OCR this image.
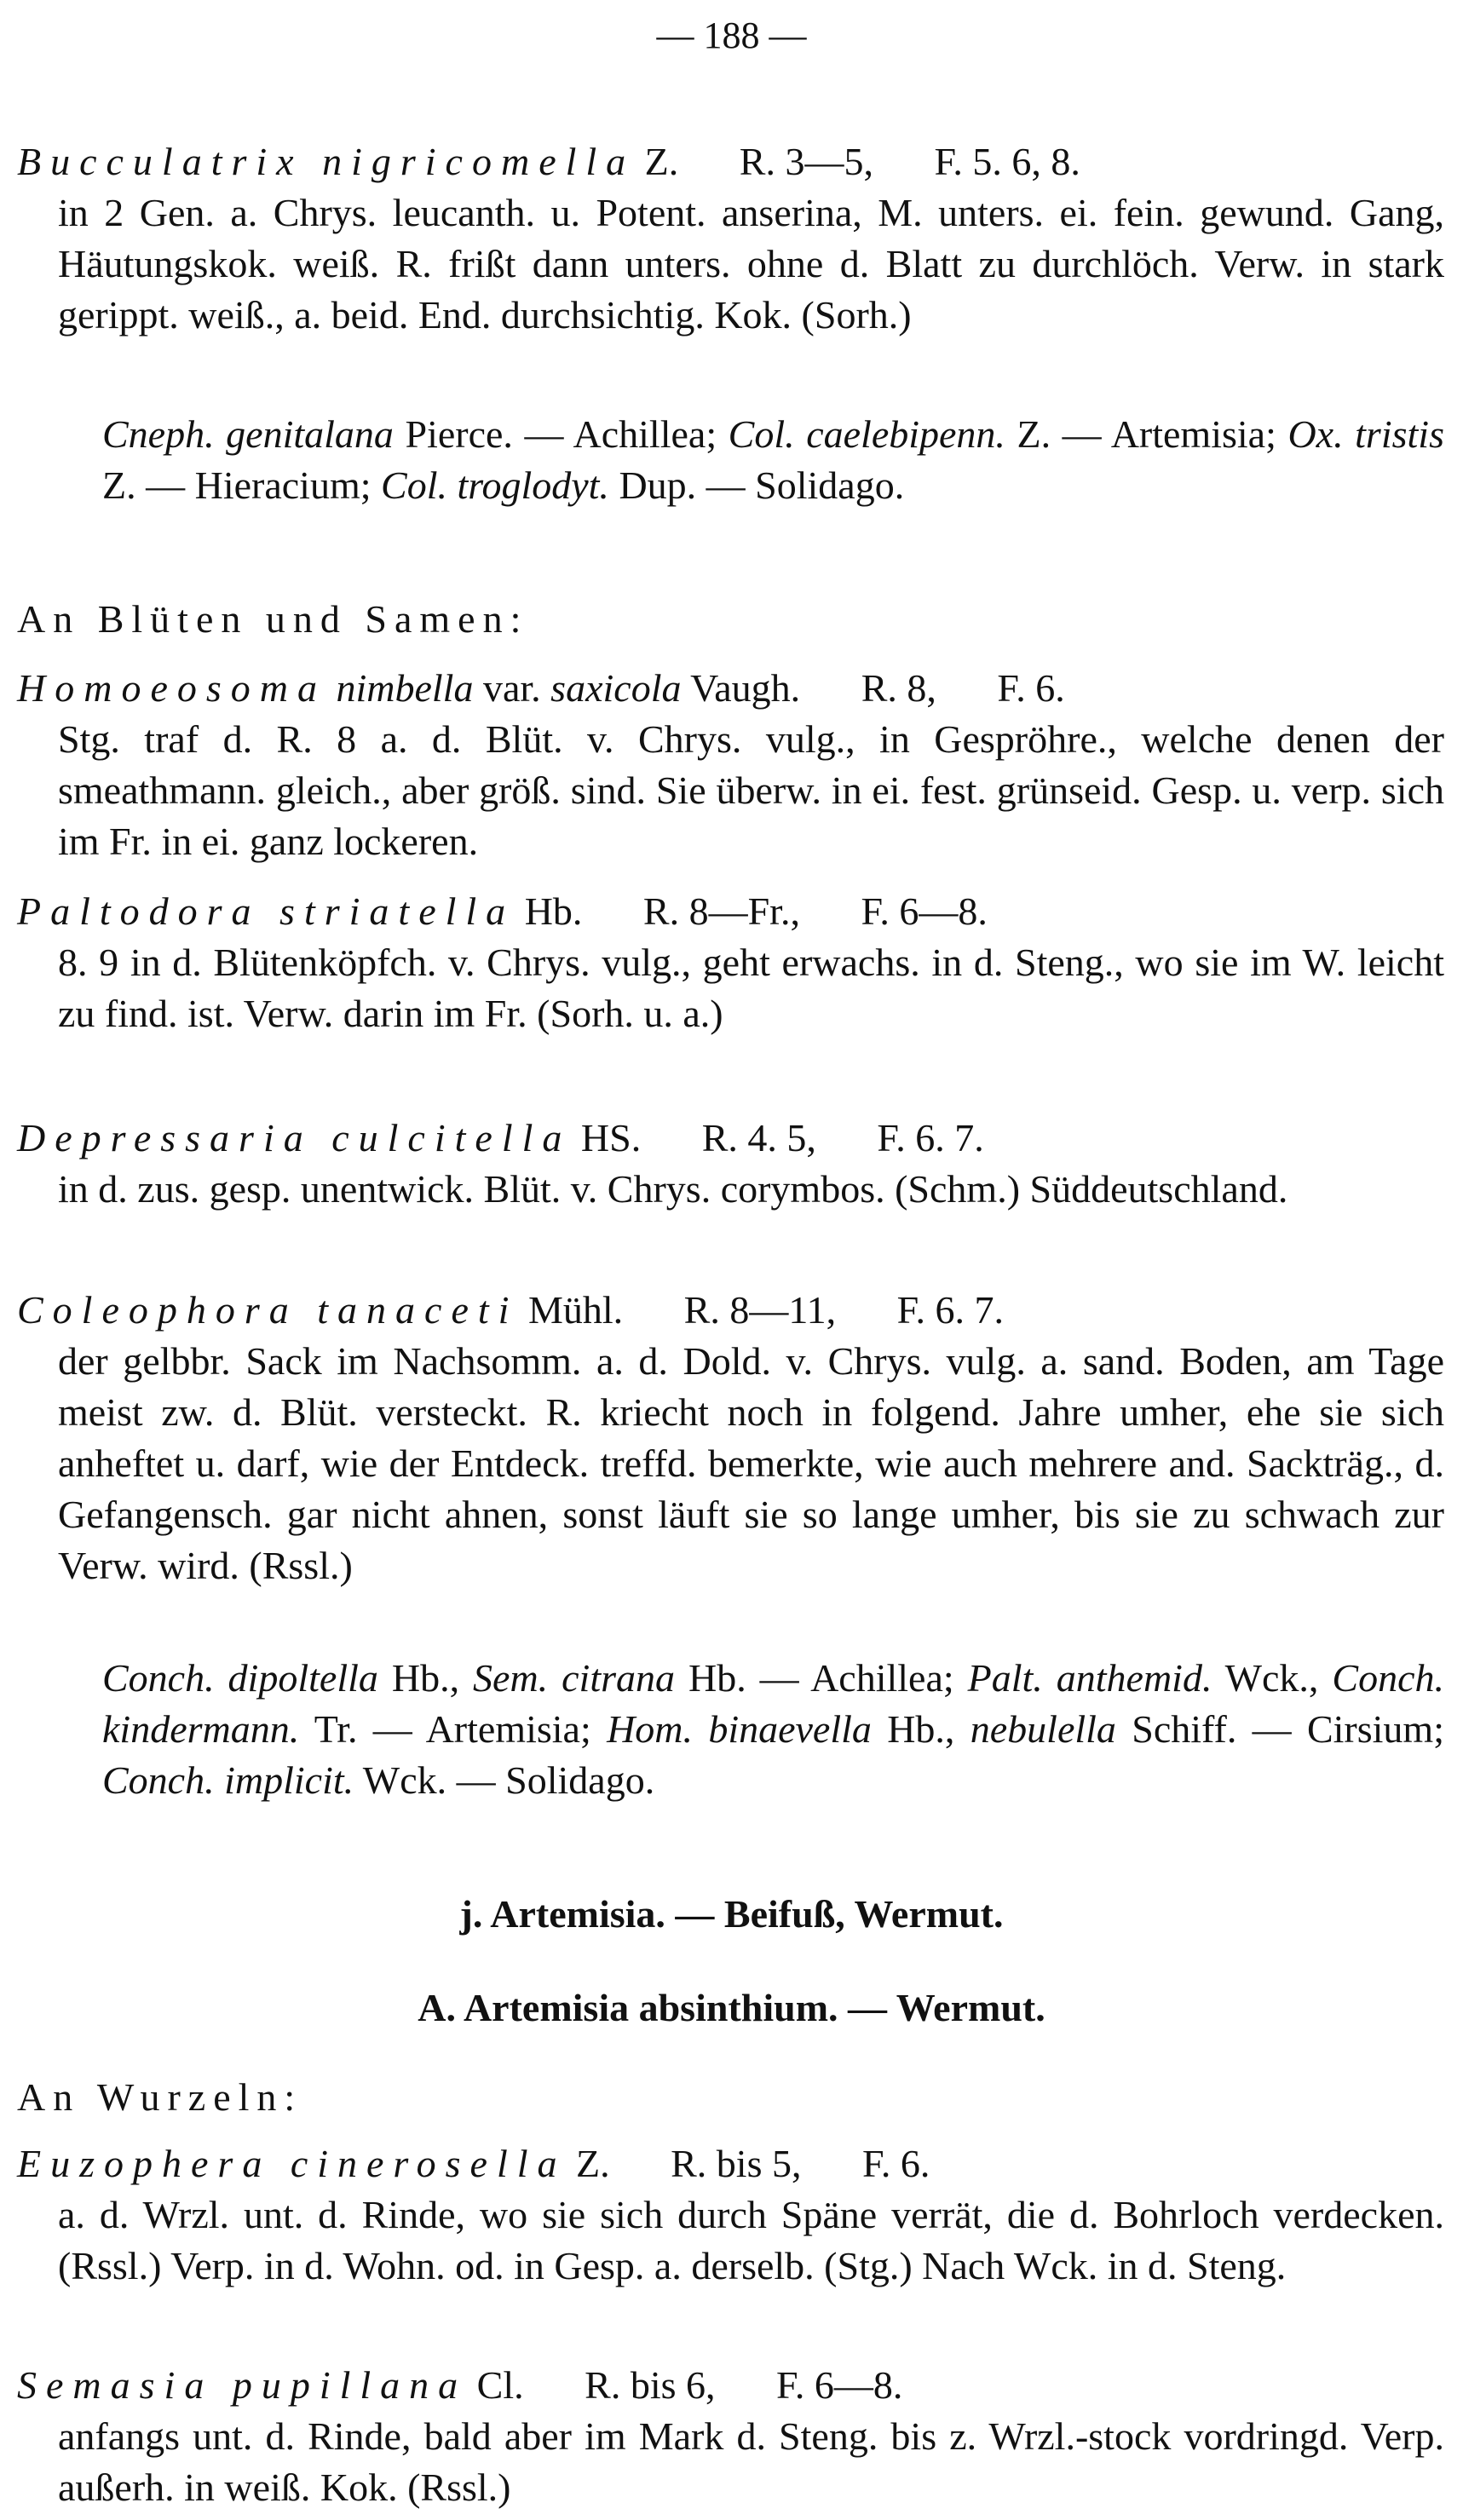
— 188 —
Bucculatrix nigricomella Z. R. 3—5, F. 5. 6, 8.

in 2 Gen. a. Chrys. leucanth. u. Potent. anserina, M. unters. ei. fein. gewund. Gang, Häutungskok. weiß. R. frißt dann unters. ohne d. Blatt zu durchlöch. Verw. in stark gerippt. weiß., a. beid. End. durchsichtig. Kok. (Sorh.)

Cneph. genitalana Pierce. — Achillea; Col. caelebipenn. Z. — Artemisia; Ox. tristis Z. — Hieracium; Col. troglodyt. Dup. — Solidago.
An Blüten und Samen:
Homoeosoma nimbella var. saxicola Vaugh. R. 8, F. 6.

Stg. traf d. R. 8 a. d. Blüt. v. Chrys. vulg., in Gespröhre., welche denen der smeathmann. gleich., aber größ. sind. Sie überw. in ei. fest. grünseid. Gesp. u. verp. sich im Fr. in ei. ganz lockeren.

Paltodora striatella Hb. R. 8—Fr., F. 6—8.

8. 9 in d. Blütenköpfch. v. Chrys. vulg., geht erwachs. in d. Steng., wo sie im W. leicht zu find. ist. Verw. darin im Fr. (Sorh. u. a.)

Depressaria culcitella HS. R. 4. 5, F. 6. 7.

in d. zus. gesp. unentwick. Blüt. v. Chrys. corymbos. (Schm.) Süddeutschland.

Coleophora tanaceti Mühl. R. 8—11, F. 6. 7.

der gelbbr. Sack im Nachsomm. a. d. Dold. v. Chrys. vulg. a. sand. Boden, am Tage meist zw. d. Blüt. versteckt. R. kriecht noch in folgend. Jahre umher, ehe sie sich anheftet u. darf, wie der Entdeck. treffd. bemerkte, wie auch mehrere and. Sackträg., d. Gefangensch. gar nicht ahnen, sonst läuft sie so lange umher, bis sie zu schwach zur Verw. wird. (Rssl.)

Conch. dipoltella Hb., Sem. citrana Hb. — Achillea; Palt. anthemid. Wck., Conch. kindermann. Tr. — Artemisia; Hom. binaevella Hb., nebulella Schiff. — Cirsium; Conch. implicit. Wck. — Solidago.
j. Artemisia. — Beifuß, Wermut.
A. Artemisia absinthium. — Wermut.
An Wurzeln:
Euzophera cinerosella Z. R. bis 5, F. 6.

a. d. Wrzl. unt. d. Rinde, wo sie sich durch Späne verrät, die d. Bohrloch verdecken. (Rssl.) Verp. in d. Wohn. od. in Gesp. a. derselb. (Stg.) Nach Wck. in d. Steng.

Semasia pupillana Cl. R. bis 6, F. 6—8.

anfangs unt. d. Rinde, bald aber im Mark d. Steng. bis z. Wrzl.-stock vordringd. Verp. außerh. in weiß. Kok. (Rssl.)
